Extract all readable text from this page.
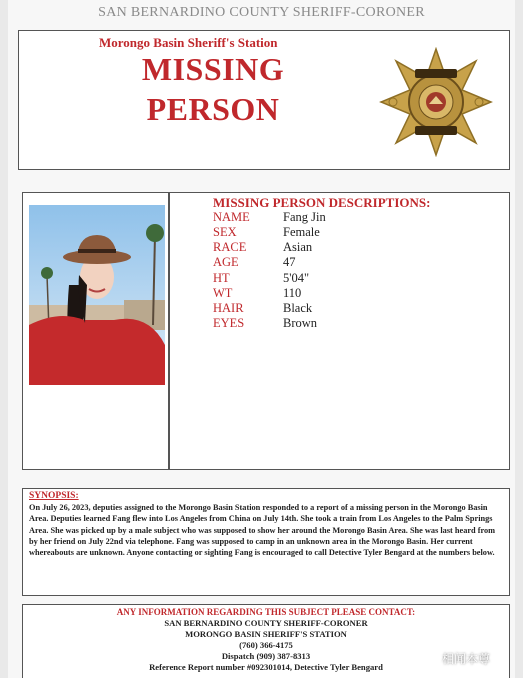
SAN BERNARDINO COUNTY SHERIFF-CORONER
Morongo Basin Sheriff's Station
MISSING
PERSON
MISSING PERSON DESCRIPTIONS:
NAME	Fang Jin
SEX	Female
RACE	Asian
AGE	47
HT	5'04"
WT	110
HAIR	Black
EYES	Brown
SYNOPSIS:
On July 26, 2023, deputies assigned to the Morongo Basin Station responded to a report of a missing person in the Morongo Basin Area. Deputies learned Fang flew into Los Angeles from China on July 14th. She took a train from Los Angeles to the Palm Springs Area. She was picked up by a male subject who was supposed to show her around the Morongo Basin Area. She was last heard from by her friend on July 22nd via telephone. Fang was supposed to camp in an unknown area in the Morongo Basin. Her current whereabouts are unknown. Anyone contacting or sighting Fang is encouraged to call Detective Tyler Bengard at the numbers below.
ANY INFORMATION REGARDING THIS SUBJECT PLEASE CONTACT:
SAN BERNARDINO COUNTY SHERIFF-CORONER
MORONGO BASIN SHERIFF'S STATION
(760) 366-4175
Dispatch (909) 387-8313
Reference Report number #092301014, Detective Tyler Bengard
相闻本尊
